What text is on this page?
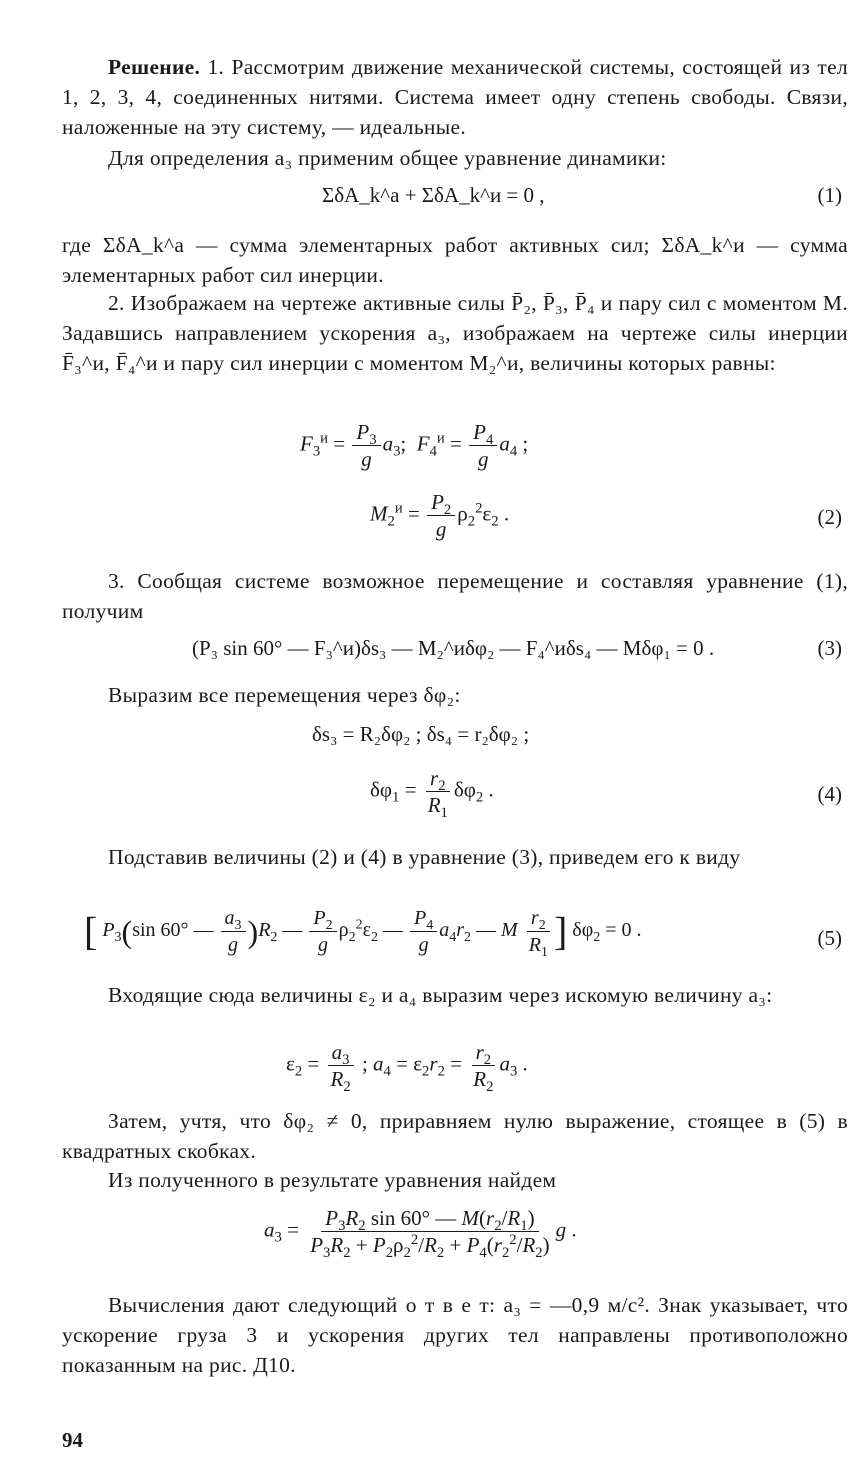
Решение. 1. Рассмотрим движение механической системы, состоящей из тел 1, 2, 3, 4, соединенных нитями. Система имеет одну степень свободы. Связи, наложенные на эту систему, — идеальные.

Для определения a₃ применим общее уравнение динамики:

ΣδA_k^a + ΣδA_k^и = 0 ,	(1)

где ΣδA_k^a — сумма элементарных работ активных сил; ΣδA_k^и — сумма элементарных работ сил инерции.

2. Изображаем на чертеже активные силы P̄₂, P̄₃, P̄₄ и пару сил с моментом M. Задавшись направлением ускорения a₃, изображаем на чертеже силы инерции F̄₃^и, F̄₄^и и пару сил инерции с моментом M₂^и, величины которых равны:

$F_3^и = \frac{P_3}{g} a_3$;  $F_4^и = \frac{P_4}{g} a_4$ ;
$M_2^и = \frac{P_2}{g} \rho_2^2\varepsilon_2$ .	(2)

3. Сообщая системе возможное перемещение и составляя уравнение (1), получим

(P₃ sin 60° — F₃^и)δs₃ — M₂^иδφ₂ — F₄^иδs₄ — Mδφ₁ = 0 .	(3)

Выразим все перемещения через δφ₂:

δs₃ = R₂δφ₂ ; δs₄ = r₂δφ₂ ;
$\delta\varphi_1 = \frac{r_2}{R_1} \delta\varphi_2$ .	(4)

Подставив величины (2) и (4) в уравнение (3), приведем его к виду

[ $P_3(\sin$ 60° — $\frac{a_3}{g} )R_2$ — $\frac{P_2}{g} \rho_2^2\varepsilon_2$ — $\frac{P_4}{g} a_4r_2$ — M $\frac{r_2}{R_1}$ ] $\delta\varphi_2 = 0$ .	(5)

Входящие сюда величины ε₂ и a₄ выразим через искомую величину a₃:

$\varepsilon_2 = \frac{a_3}{R_2}$ ; $a_4 = \varepsilon_2r_2 = \frac{r_2}{R_2} a_3$ .

Затем, учтя, что δφ₂ ≠ 0, приравняем нулю выражение, стоящее в (5) в квадратных скобках.

Из полученного в результате уравнения найдем

$a_3 = \frac{P_3R_2 \sin 60^\circ — M(r_2/R_1)}{P_3R_2 + P_2\rho_2^2/R_2 + P_4(r_2^2/R_2)}$ g .

Вычисления дают следующий о т в е т: a₃ = —0,9 м/с². Знак указывает, что ускорение груза 3 и ускорения других тел направлены противоположно показанным на рис. Д10.

94
